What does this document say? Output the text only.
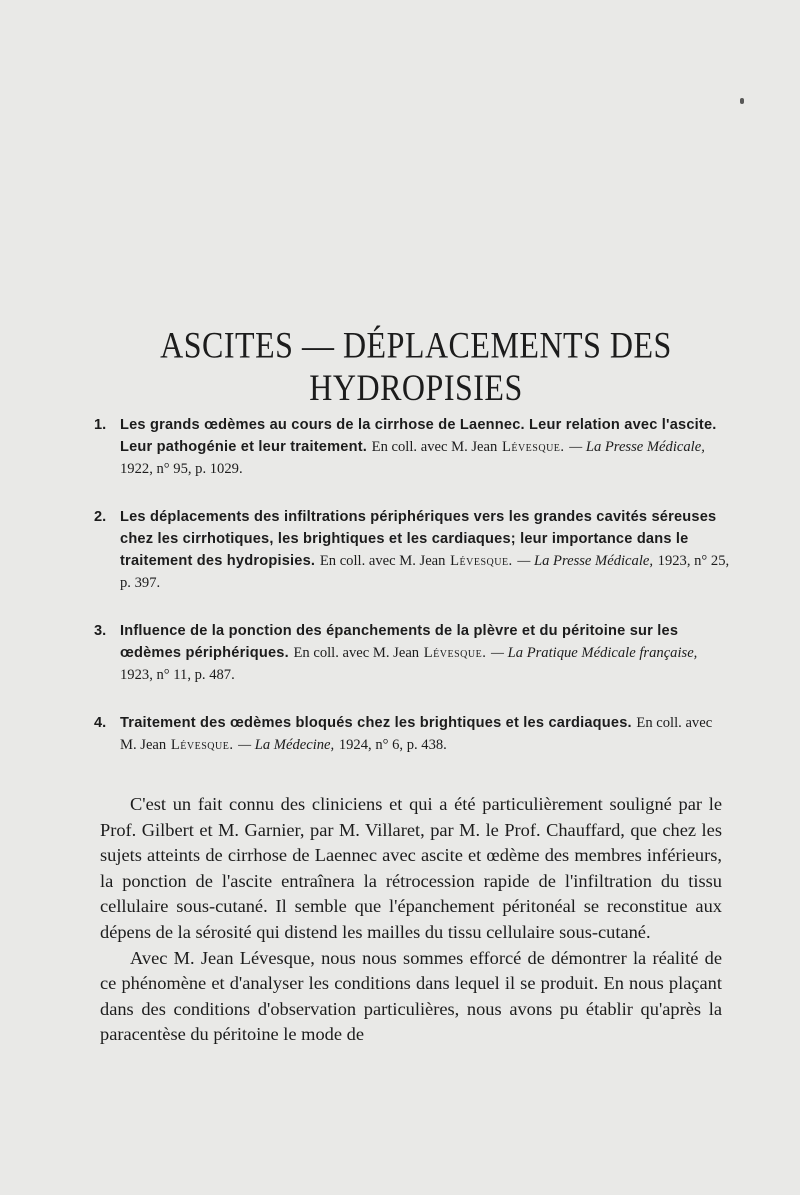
ASCITES — DÉPLACEMENTS DES HYDROPISIES
1. Les grands œdèmes au cours de la cirrhose de Laennec. Leur relation avec l'ascite. Leur pathogénie et leur traitement. En coll. avec M. Jean Lévesque. — La Presse Médicale, 1922, n° 95, p. 1029.
2. Les déplacements des infiltrations périphériques vers les grandes cavités séreuses chez les cirrhotiques, les brightiques et les cardiaques; leur importance dans le traitement des hydropisies. En coll. avec M. Jean Lévesque. — La Presse Médicale, 1923, n° 25, p. 397.
3. Influence de la ponction des épanchements de la plèvre et du péritoine sur les œdèmes périphériques. En coll. avec M. Jean Lévesque. — La Pratique Médicale française, 1923, n° 11, p. 487.
4. Traitement des œdèmes bloqués chez les brightiques et les cardiaques. En coll. avec M. Jean Lévesque. — La Médecine, 1924, n° 6, p. 438.

C'est un fait connu des cliniciens et qui a été particulièrement souligné par le Prof. Gilbert et M. Garnier, par M. Villaret, par M. le Prof. Chauffard, que chez les sujets atteints de cirrhose de Laennec avec ascite et œdème des membres inférieurs, la ponction de l'ascite entraînera la rétrocession rapide de l'infiltration du tissu cellulaire sous-cutané. Il semble que l'épanchement péritonéal se reconstitue aux dépens de la sérosité qui distend les mailles du tissu cellulaire sous-cutané.

Avec M. Jean Lévesque, nous nous sommes efforcé de démontrer la réalité de ce phénomène et d'analyser les conditions dans lequel il se produit. En nous plaçant dans des conditions d'observation particulières, nous avons pu établir qu'après la paracentèse du péritoine le mode de
